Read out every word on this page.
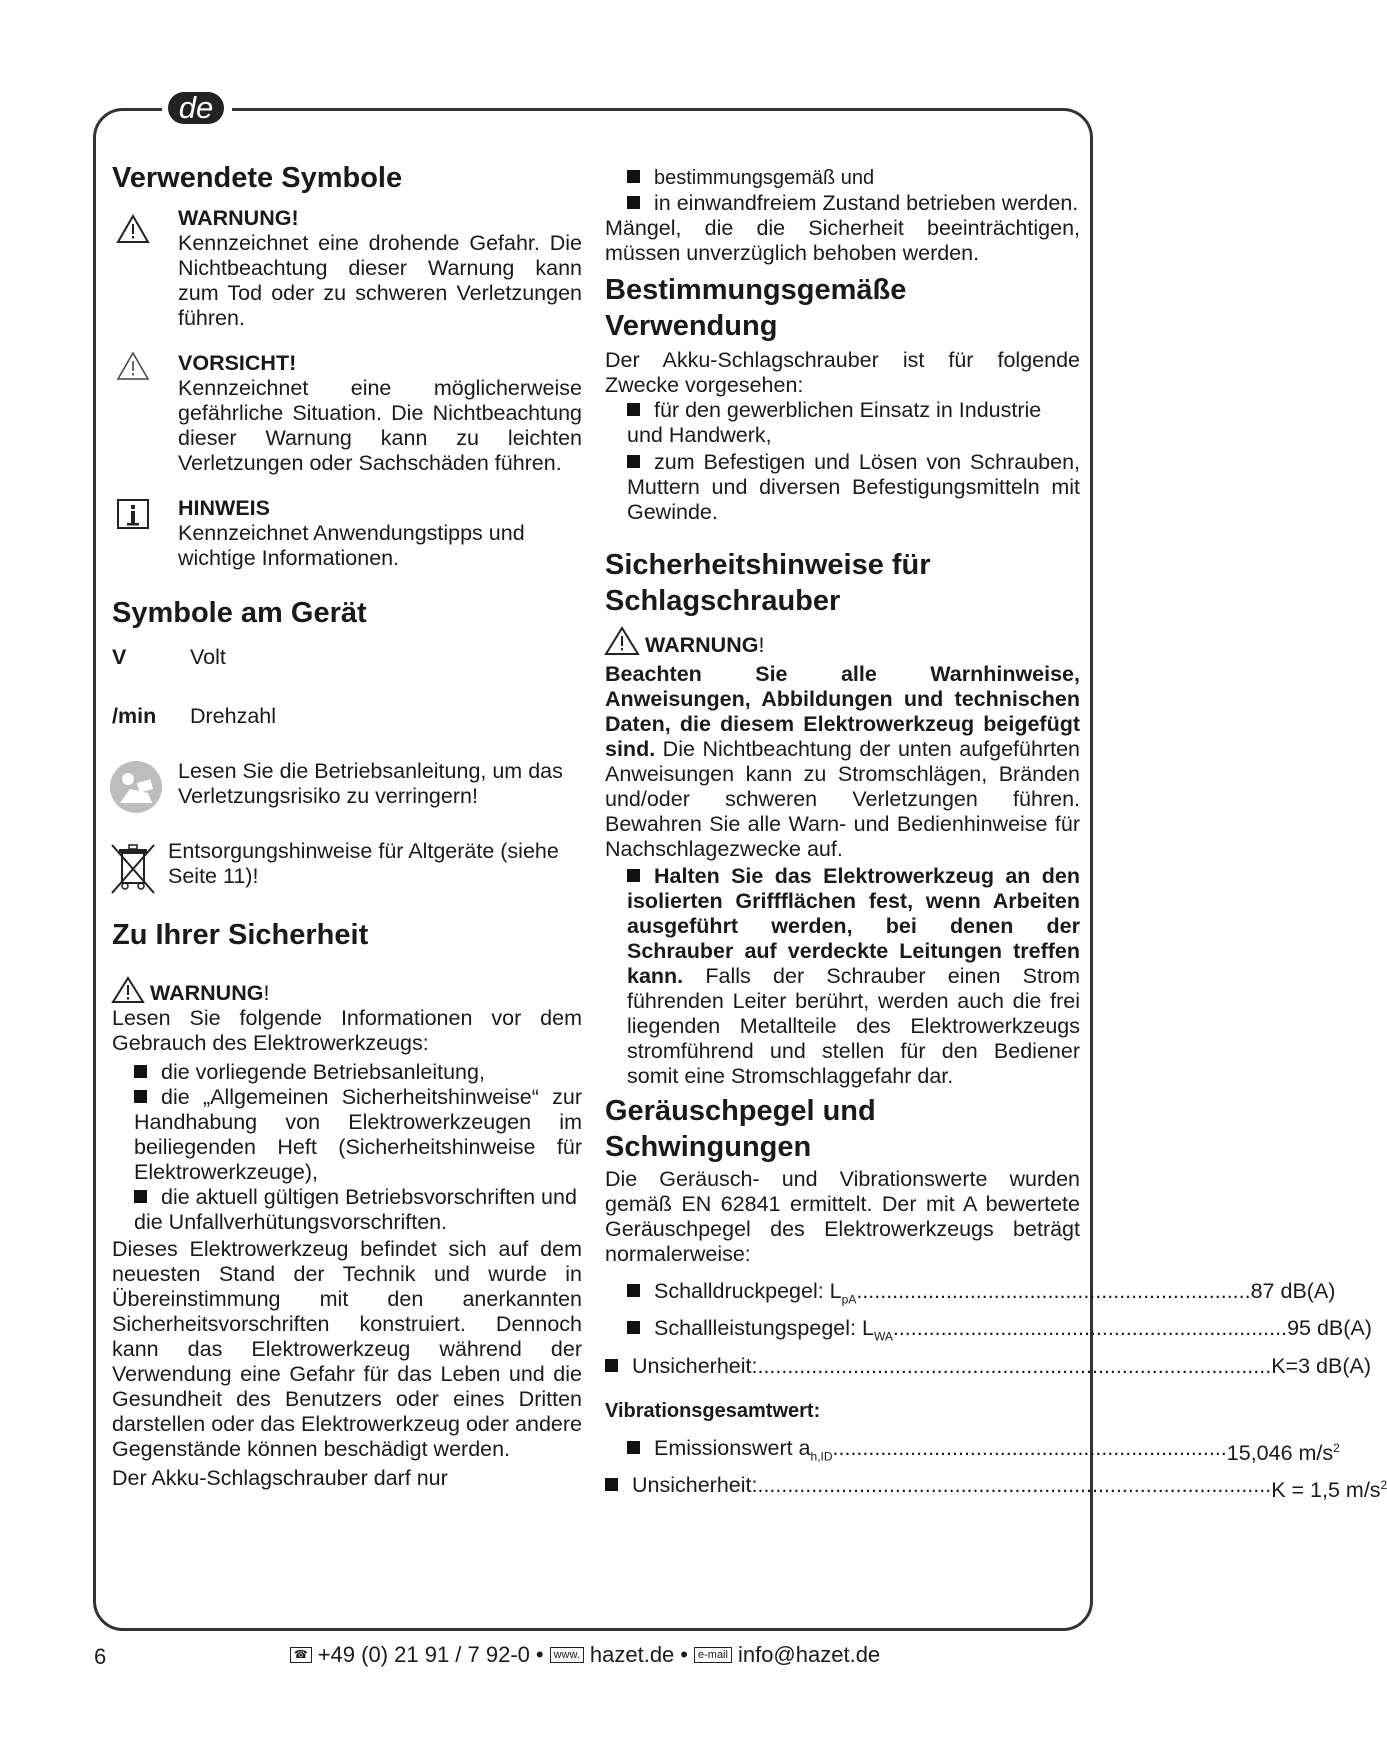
de
Verwendete Symbole
WARNUNG!

Kennzeichnet eine drohende Gefahr. Die Nichtbeachtung dieser Warnung kann zum Tod oder zu schweren Verletzungen führen.

VORSICHT!

Kennzeichnet eine möglicherweise gefährliche Situation. Die Nichtbeachtung dieser Warnung kann zu leichten Verletzungen oder Sachschäden führen.

HINWEIS

Kennzeichnet Anwendungstipps und wichtige Informationen.

Symbole am Gerät
V	Volt
/min	Drehzahl

Lesen Sie die Betriebsanleitung, um das Verletzungsrisiko zu verringern!

Entsorgungshinweise für Altgeräte (siehe Seite 11)!

Zu Ihrer Sicherheit
WARNUNG!

Lesen Sie folgende Informationen vor dem Gebrauch des Elektrowerkzeugs:

die vorliegende Betriebsanleitung,
die „Allgemeinen Sicherheitshinweise“ zur Handhabung von Elektrowerkzeugen im beiliegenden Heft (Sicherheitshinweise für Elektrowerkzeuge),
die aktuell gültigen Betriebsvorschriften und die Unfallverhütungsvorschriften.

Dieses Elektrowerkzeug befindet sich auf dem neuesten Stand der Technik und wurde in Übereinstimmung mit den anerkannten Sicherheitsvorschriften konstruiert. Dennoch kann das Elektrowerkzeug während der Verwendung eine Gefahr für das Leben und die Gesundheit des Benutzers oder eines Dritten darstellen oder das Elektrowerkzeug oder andere Gegenstände können beschädigt werden.

Der Akku-Schlagschrauber darf nur

bestimmungsgemäß und
in einwandfreiem Zustand betrieben werden.

Mängel, die die Sicherheit beeinträchtigen, müssen unverzüglich behoben werden.

Bestimmungsgemäße Verwendung

Der Akku-Schlagschrauber ist für folgende Zwecke vorgesehen:

für den gewerblichen Einsatz in Industrie und Handwerk,
zum Befestigen und Lösen von Schrauben, Muttern und diversen Befestigungsmitteln mit Gewinde.
Sicherheitshinweise für Schlagschrauber
WARNUNG!

Beachten Sie alle Warnhinweise, Anweisungen, Abbildungen und technischen Daten, die diesem Elektrowerkzeug beigefügt sind. Die Nichtbeachtung der unten aufgeführten Anweisungen kann zu Stromschlägen, Bränden und/oder schweren Verletzungen führen. Bewahren Sie alle Warn- und Bedienhinweise für Nachschlagezwecke auf.

Halten Sie das Elektrowerkzeug an den isolierten Griffflächen fest, wenn Arbeiten ausgeführt werden, bei denen der Schrauber auf verdeckte Leitungen treffen kann. Falls der Schrauber einen Strom führenden Leiter berührt, werden auch die frei liegenden Metallteile des Elektrowerkzeugs stromführend und stellen für den Bediener somit eine Stromschlaggefahr dar.

Geräuschpegel und Schwingungen

Die Geräusch- und Vibrationswerte wurden gemäß EN 62841 ermittelt. Der mit A bewertete Geräuschpegel des Elektrowerkzeugs beträgt normalerweise:

Schalldruckpegel: $L_{pA}$ .................................................................. 87 dB(A)
Schallleistungspegel: $L_{WA}$ .................................................................. 95 dB(A)
Unsicherheit: ...................................................................................... K=3 dB(A)
Vibrationsgesamtwert:
Emissionswert $a_{h,ID}$ .................................................................. 15,046 $m/s^2$
Unsicherheit: ...................................................................................... K = 1,5 $m/s^2$
6	☎ +49 (0) 21 91 / 7 92-0 • www. hazet.de • e-mail info@hazet.de
